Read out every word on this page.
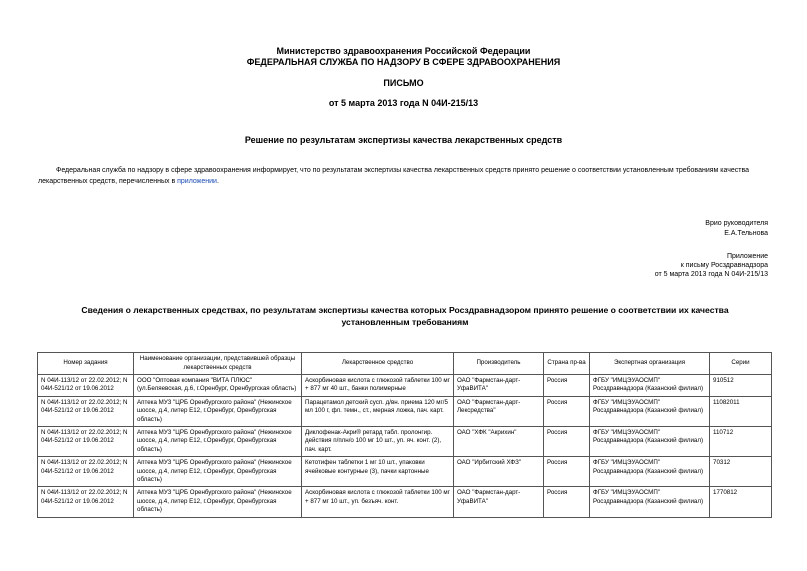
Министерство здравоохранения Российской Федерации
ФЕДЕРАЛЬНАЯ СЛУЖБА ПО НАДЗОРУ В СФЕРЕ ЗДРАВООХРАНЕНИЯ
ПИСЬМО
от 5 марта 2013 года N 04И-215/13
Решение по результатам экспертизы качества лекарственных средств
Федеральная служба по надзору в сфере здравоохранения информирует, что по результатам экспертизы качества лекарственных средств принято решение о соответствии установленным требованиям качества лекарственных средств, перечисленных в приложении.
Врио руководителя
Е.А.Тельнова
Приложение
к письму Росздравнадзора
от 5 марта 2013 года N 04И-215/13
Сведения о лекарственных средствах, по результатам экспертизы качества которых Росздравнадзором принято решение о соответствии их качества установленным требованиям
Номер задания	Наименование организации, представившей образцы лекарственных средств	Лекарственное средство	Производитель	Страна пр-ва	Экспертная организация	Серии
N 04И-113/12 от 22.02.2012; N 04И-521/12 от 19.06.2012	ООО "Оптовая компания "ВИТА ПЛЮС" (ул.Беляевская, д.6, г.Оренбург, Оренбургская область)	Аскорбиновая кислота с глюкозой таблетки 100 мг + 877 мг 40 шт., банки полимерные	ОАО "Фармстан-дарт-УфаВИТА"	Россия	ФГБУ "ИМЦЭУАОСМП" Росздравнадзора (Казанский филиал)	910512
N 04И-113/12 от 22.02.2012; N 04И-521/12 от 19.06.2012	Аптека МУЗ "ЦРБ Оренбургского района" (Нежинское шоссе, д.4, литер Е12, г.Оренбург, Оренбургская область)	Парацетамол детский сусп. д/вн. приема 120 мг/5 мл 100 г, фл. темн., ст., мерная ложка, пач. карт.	ОАО "Фармстан-дарт-Лексредства"	Россия	ФГБУ "ИМЦЭУАОСМП" Росздравнадзора (Казанский филиал)	11082011
N 04И-113/12 от 22.02.2012; N 04И-521/12 от 19.06.2012	Аптека МУЗ "ЦРБ Оренбургского района" (Нежинское шоссе, д.4, литер Е12, г.Оренбург, Оренбургская область)	Диклофенак-Акри® ретард табл. пролонгир. действия п/плн/о 100 мг 10 шт., уп. яч. конт. (2), пач. карт.	ОАО "ХФК "Акрихин"	Россия	ФГБУ "ИМЦЭУАОСМП" Росздравнадзора (Казанский филиал)	110712
N 04И-113/12 от 22.02.2012; N 04И-521/12 от 19.06.2012	Аптека МУЗ "ЦРБ Оренбургского района" (Нежинское шоссе, д.4, литер Е12, г.Оренбург, Оренбургская область)	Кетотифен таблетки 1 мг 10 шт., упаковки ячейковые контурные (3), пачки картонные	ОАО "Ирбитский ХФЗ"	Россия	ФГБУ "ИМЦЭУАОСМП" Росздравнадзора (Казанский филиал)	70312
N 04И-113/12 от 22.02.2012; N 04И-521/12 от 19.06.2012	Аптека МУЗ "ЦРБ Оренбургского района" (Нежинское шоссе, д.4, литер Е12, г.Оренбург, Оренбургская область)	Аскорбиновая кислота с глюкозой таблетки 100 мг + 877 мг 10 шт., уп. безъяч. конт.	ОАО "Фармстан-дарт-УфаВИТА"	Россия	ФГБУ "ИМЦЭУАОСМП" Росздравнадзора (Казанский филиал)	1770812
